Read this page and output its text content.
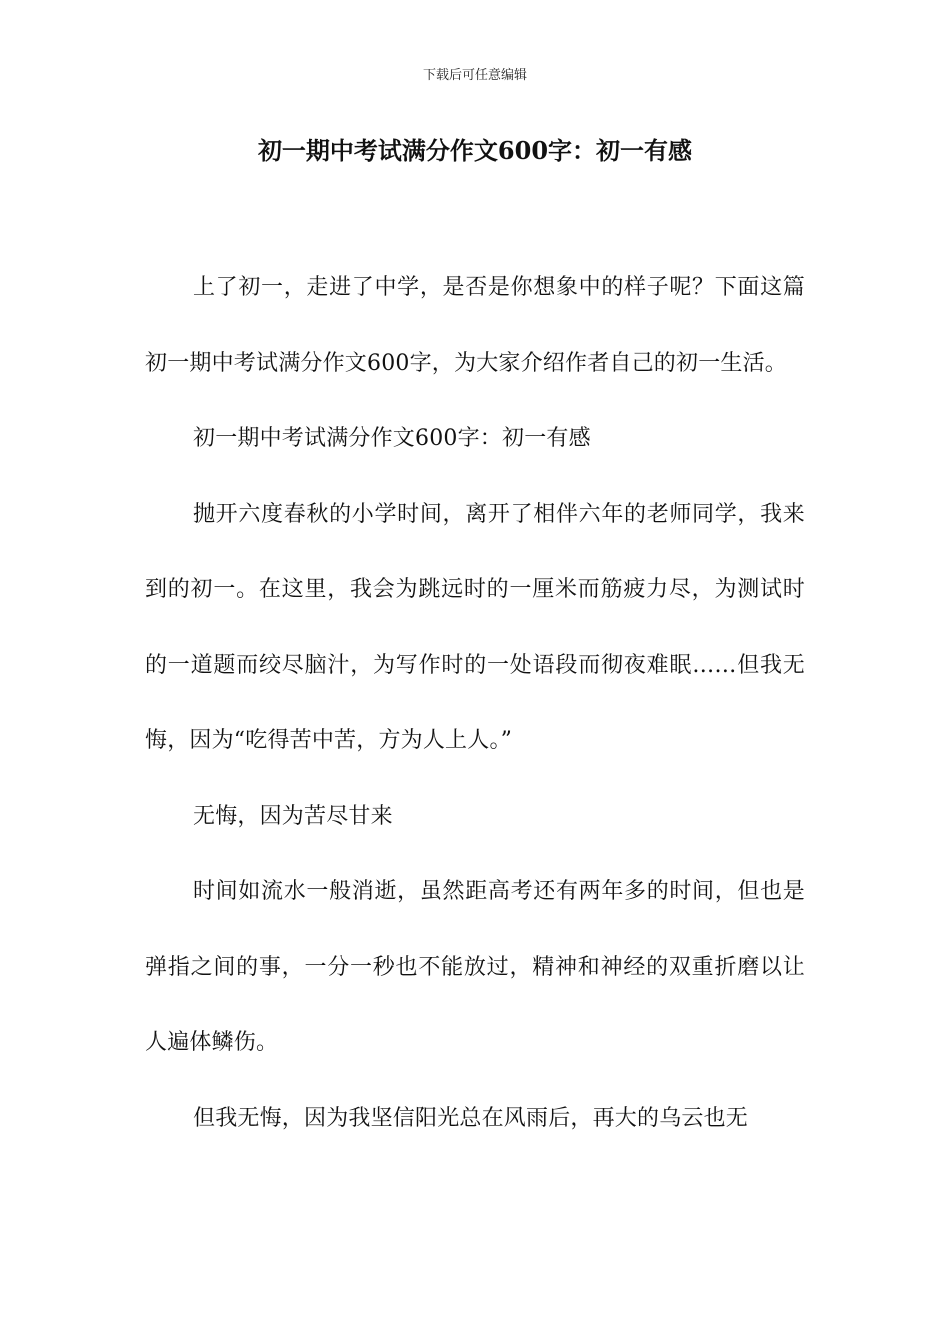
下载后可任意编辑
初一期中考试满分作文600字：初一有感

上了初一，走进了中学，是否是你想象中的样子呢？下面这篇初一期中考试满分作文600字，为大家介绍作者自己的初一生活。

初一期中考试满分作文600字：初一有感

抛开六度春秋的小学时间，离开了相伴六年的老师同学，我来到的初一。在这里，我会为跳远时的一厘米而筋疲力尽，为测试时的一道题而绞尽脑汁，为写作时的一处语段而彻夜难眠……但我无悔，因为“吃得苦中苦，方为人上人。”

无悔，因为苦尽甘来

时间如流水一般消逝，虽然距高考还有两年多的时间，但也是弹指之间的事，一分一秒也不能放过，精神和神经的双重折磨以让人遍体鳞伤。

但我无悔，因为我坚信阳光总在风雨后，再大的乌云也无
